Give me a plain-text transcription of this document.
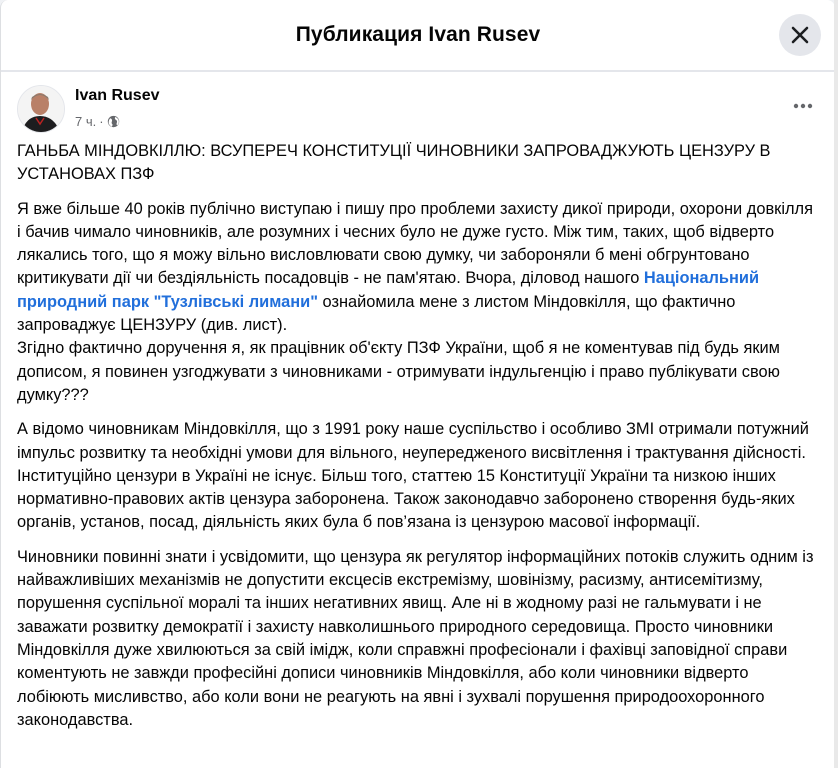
Публикация Ivan Rusev
Ivan Rusev
7 ч. ·

ГАНЬБА МІНДОВКІЛЛЮ: ВСУПЕРЕЧ КОНСТИТУЦІЇ ЧИНОВНИКИ ЗАПРОВАДЖУЮТЬ ЦЕНЗУРУ В УСТАНОВАХ ПЗФ

Я вже більше 40 років публічно виступаю і пишу про проблеми захисту дикої природи, охорони довкілля і бачив чимало чиновників, але розумних і чесних було не дуже густо. Між тим, таких, щоб відверто лякались того, що я можу вільно висловлювати свою думку, чи забороняли б мені обгрунтовано критикувати дії чи бездіяльність посадовців - не пам'ятаю. Вчора, діловод нашого Національний природний парк "Тузлівські лимани" ознайомила мене з листом Міндовкілля, що фактично запроваджує ЦЕНЗУРУ (див. лист).
Згідно фактично доручення я, як працівник об'єкту ПЗФ України, щоб я не коментував під будь яким дописом, я повинен узгоджувати з чиновниками - отримувати індульгенцію і право публікувати свою думку???

А відомо чиновникам Міндовкілля, що з 1991 року наше суспільство і особливо ЗМІ отримали потужний імпульс розвитку та необхідні умови для вільного, неупередженого висвітлення і трактування дійсності. Інституційно цензури в Україні не існує. Більш того, статтею 15 Конституції України та низкою інших нормативно-правових актів цензура заборонена. Також законодавчо заборонено створення будь-яких органів, установ, посад, діяльність яких була б пов’язана із цензурою масової інформації.

Чиновники повинні знати і усвідомити, що цензура як регулятор інформаційних потоків служить одним із найважливіших механізмів не допустити ексцесів екстремізму, шовінізму, расизму, антисемітизму, порушення суспільної моралі та інших негативних явищ. Але ні в жодному разі не гальмувати і не заважати розвитку демократії і захисту навколишнього природного середовища. Просто чиновники Міндовкілля дуже хвилюються за свій імідж, коли справжні професіонали і фахівці заповідної справи коментують не завжди професійні дописи чиновників Міндовкілля, або коли чиновники відверто лобіюють мисливство, або коли вони не реагують на явні і зухвалі порушення природоохоронного законодавства.
